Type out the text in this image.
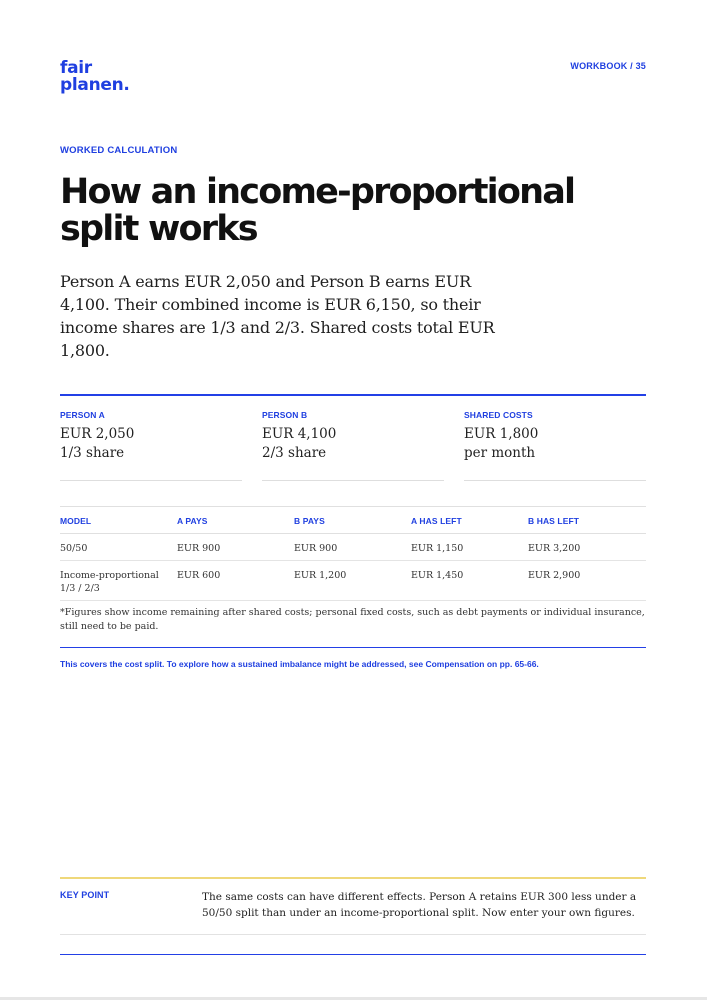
fair
planen.
WORKBOOK / 35
WORKED CALCULATION
How an income-proportional split works

Person A earns EUR 2,050 and Person B earns EUR 4,100. Their combined income is EUR 6,150, so their income shares are 1/3 and 2/3. Shared costs total EUR 1,800.

PERSON A
EUR 2,050
1/3 share
PERSON B
EUR 4,100
2/3 share
SHARED COSTS
EUR 1,800
per month
MODEL	A PAYS	B PAYS	A HAS LEFT	B HAS LEFT
50/50	EUR 900	EUR 900	EUR 1,150	EUR 3,200
Income-proportional 1/3 / 2/3	EUR 600	EUR 1,200	EUR 1,450	EUR 2,900

*Figures show income remaining after shared costs; personal fixed costs, such as debt payments or individual insurance, still need to be paid.

This covers the cost split. To explore how a sustained imbalance might be addressed, see Compensation on pp. 65-66.
KEY POINT	The same costs can have different effects. Person A retains EUR 300 less under a 50/50 split than under an income-proportional split. Now enter your own figures.
